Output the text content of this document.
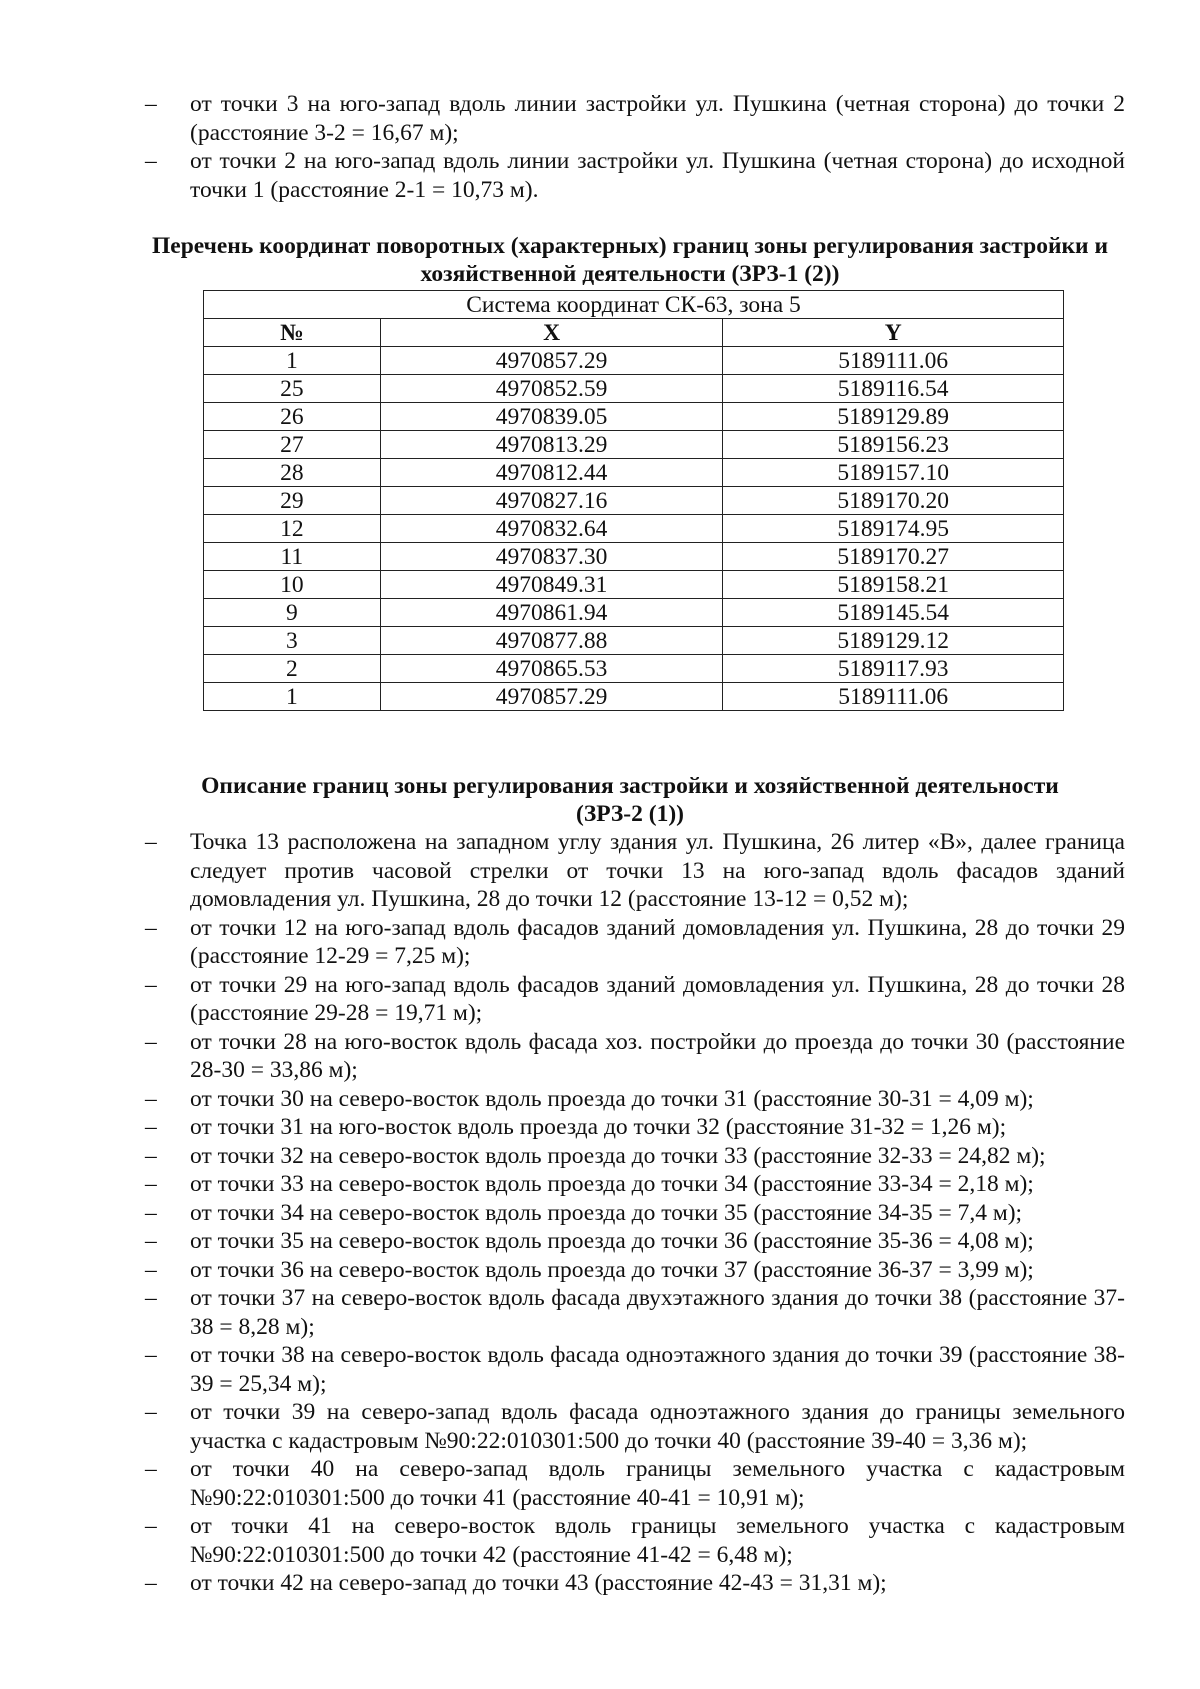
– от точки 3 на юго-запад вдоль линии застройки ул. Пушкина (четная сторона) до точки 2 (расстояние 3-2 = 16,67 м);
– от точки 2 на юго-запад вдоль линии застройки ул. Пушкина (четная сторона) до исходной точки 1 (расстояние 2-1 = 10,73 м).
Перечень координат поворотных (характерных) границ зоны регулирования застройки и хозяйственной деятельности (ЗРЗ-1 (2))
Система координат СК-63, зона 5		
№	X	Y
1	4970857.29	5189111.06
25	4970852.59	5189116.54
26	4970839.05	5189129.89
27	4970813.29	5189156.23
28	4970812.44	5189157.10
29	4970827.16	5189170.20
12	4970832.64	5189174.95
11	4970837.30	5189170.27
10	4970849.31	5189158.21
9	4970861.94	5189145.54
3	4970877.88	5189129.12
2	4970865.53	5189117.93
1	4970857.29	5189111.06
Описание границ зоны регулирования застройки и хозяйственной деятельности
(ЗРЗ-2 (1))
– Точка 13 расположена на западном углу здания ул. Пушкина, 26 литер «В», далее граница следует против часовой стрелки от точки 13 на юго-запад вдоль фасадов зданий домовладения ул. Пушкина, 28 до точки 12 (расстояние 13-12 = 0,52 м);
– от точки 12 на юго-запад вдоль фасадов зданий домовладения ул. Пушкина, 28 до точки 29 (расстояние 12-29 = 7,25 м);
– от точки 29 на юго-запад вдоль фасадов зданий домовладения ул. Пушкина, 28 до точки 28 (расстояние 29-28 = 19,71 м);
– от точки 28 на юго-восток вдоль фасада хоз. постройки до проезда до точки 30 (расстояние 28-30 = 33,86 м);
– от точки 30 на северо-восток вдоль проезда до точки 31 (расстояние 30-31 = 4,09 м);
– от точки 31 на юго-восток вдоль проезда до точки 32 (расстояние 31-32 = 1,26 м);
– от точки 32 на северо-восток вдоль проезда до точки 33 (расстояние 32-33 = 24,82 м);
– от точки 33 на северо-восток вдоль проезда до точки 34 (расстояние 33-34 = 2,18 м);
– от точки 34 на северо-восток вдоль проезда до точки 35 (расстояние 34-35 = 7,4 м);
– от точки 35 на северо-восток вдоль проезда до точки 36 (расстояние 35-36 = 4,08 м);
– от точки 36 на северо-восток вдоль проезда до точки 37 (расстояние 36-37 = 3,99 м);
– от точки 37 на северо-восток вдоль фасада двухэтажного здания до точки 38 (расстояние 37-38 = 8,28 м);
– от точки 38 на северо-восток вдоль фасада одноэтажного здания до точки 39 (расстояние 38-39 = 25,34 м);
– от точки 39 на северо-запад вдоль фасада одноэтажного здания до границы земельного участка с кадастровым №90:22:010301:500 до точки 40 (расстояние 39-40 = 3,36 м);
– от точки 40 на северо-запад вдоль границы земельного участка с кадастровым №90:22:010301:500 до точки 41 (расстояние 40-41 = 10,91 м);
– от точки 41 на северо-восток вдоль границы земельного участка с кадастровым №90:22:010301:500 до точки 42 (расстояние 41-42 = 6,48 м);
– от точки 42 на северо-запад до точки 43 (расстояние 42-43 = 31,31 м);
